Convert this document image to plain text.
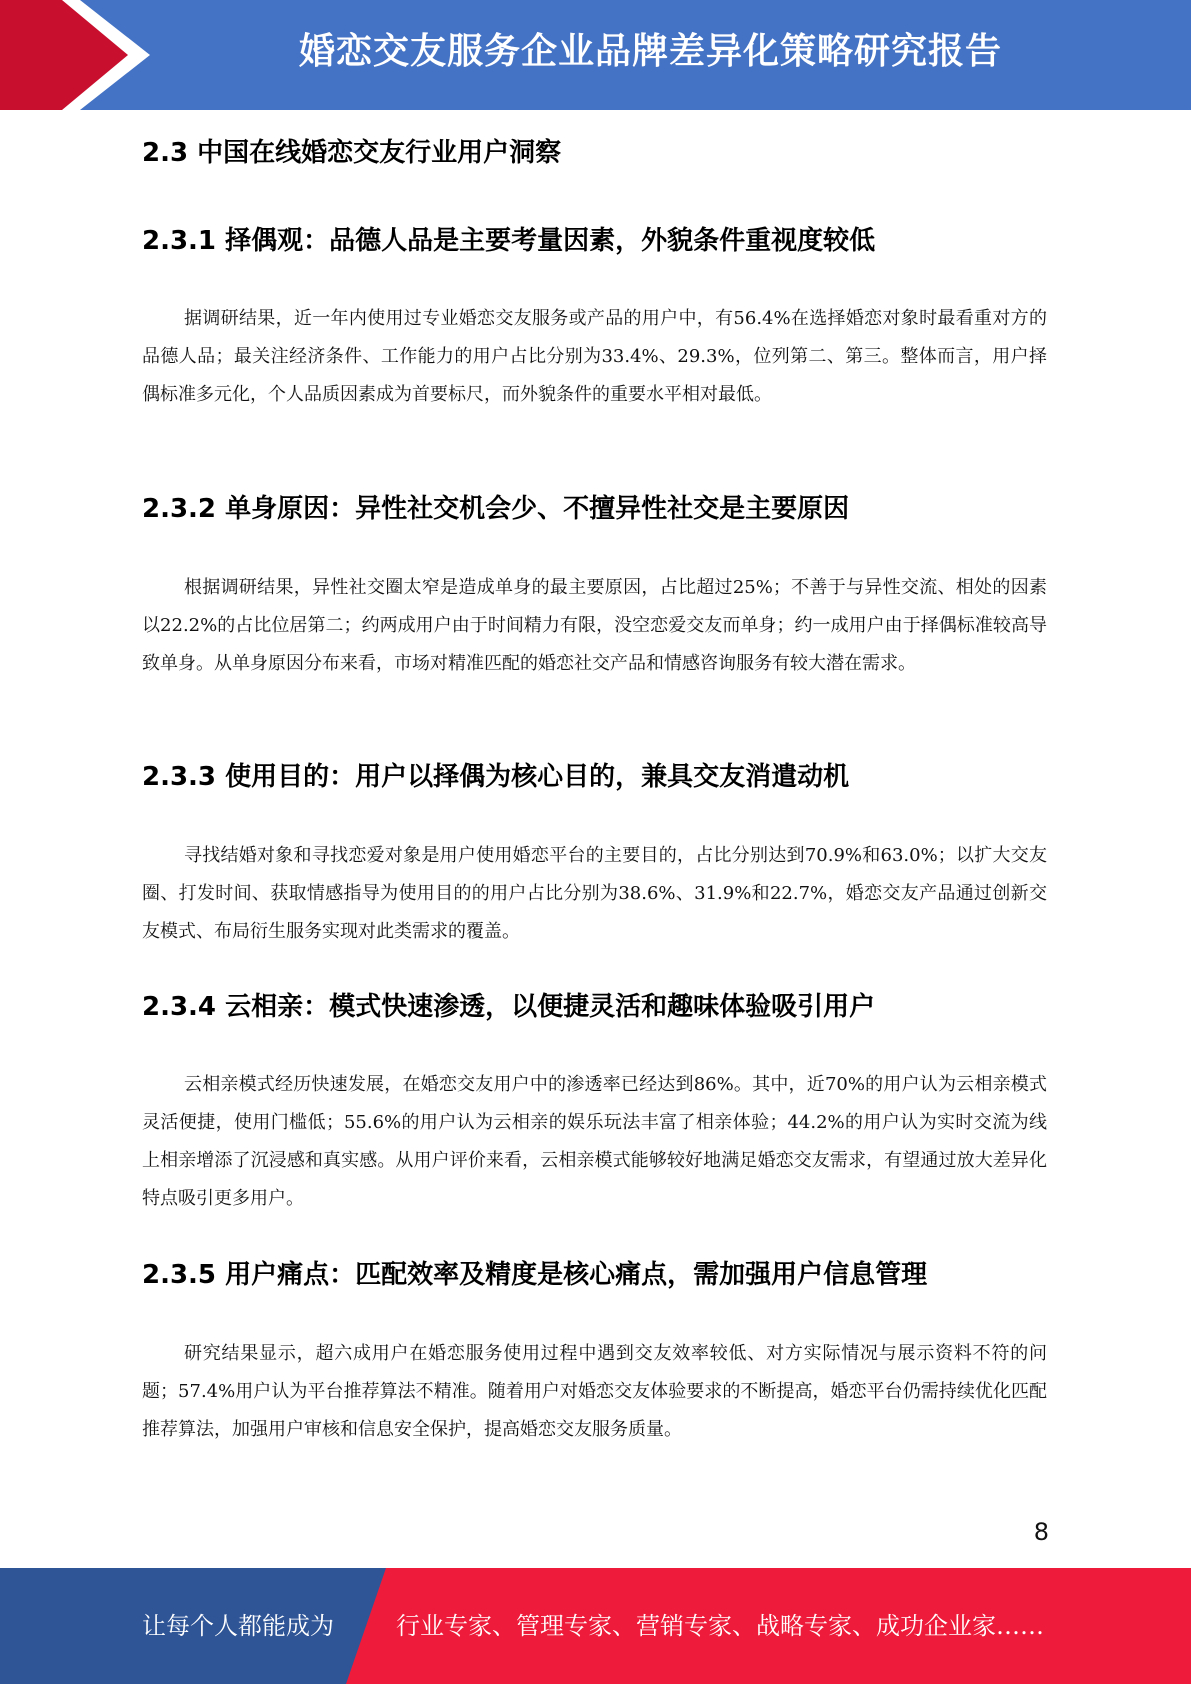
婚恋交友服务企业品牌差异化策略研究报告
2.3 中国在线婚恋交友行业用户洞察
2.3.1 择偶观：品德人品是主要考量因素，外貌条件重视度较低

据调研结果，近一年内使用过专业婚恋交友服务或产品的用户中，有56.4%在选择婚恋对象时最看重对方的品德人品；最关注经济条件、工作能力的用户占比分别为33.4%、29.3%，位列第二、第三。整体而言，用户择偶标准多元化，个人品质因素成为首要标尺，而外貌条件的重要水平相对最低。

2.3.2 单身原因：异性社交机会少、不擅异性社交是主要原因

根据调研结果，异性社交圈太窄是造成单身的最主要原因，占比超过25%；不善于与异性交流、相处的因素以22.2%的占比位居第二；约两成用户由于时间精力有限，没空恋爱交友而单身；约一成用户由于择偶标准较高导致单身。从单身原因分布来看，市场对精准匹配的婚恋社交产品和情感咨询服务有较大潜在需求。

2.3.3 使用目的：用户以择偶为核心目的，兼具交友消遣动机

寻找结婚对象和寻找恋爱对象是用户使用婚恋平台的主要目的，占比分别达到70.9%和63.0%；以扩大交友圈、打发时间、获取情感指导为使用目的的用户占比分别为38.6%、31.9%和22.7%，婚恋交友产品通过创新交友模式、布局衍生服务实现对此类需求的覆盖。

2.3.4 云相亲：模式快速渗透，以便捷灵活和趣味体验吸引用户

云相亲模式经历快速发展，在婚恋交友用户中的渗透率已经达到86%。其中，近70%的用户认为云相亲模式灵活便捷，使用门槛低；55.6%的用户认为云相亲的娱乐玩法丰富了相亲体验；44.2%的用户认为实时交流为线上相亲增添了沉浸感和真实感。从用户评价来看，云相亲模式能够较好地满足婚恋交友需求，有望通过放大差异化特点吸引更多用户。

2.3.5 用户痛点：匹配效率及精度是核心痛点，需加强用户信息管理

研究结果显示，超六成用户在婚恋服务使用过程中遇到交友效率较低、对方实际情况与展示资料不符的问题；57.4%用户认为平台推荐算法不精准。随着用户对婚恋交友体验要求的不断提高，婚恋平台仍需持续优化匹配推荐算法，加强用户审核和信息安全保护，提高婚恋交友服务质量。

8
让每个人都能成为	行业专家、管理专家、营销专家、战略专家、成功企业家……
